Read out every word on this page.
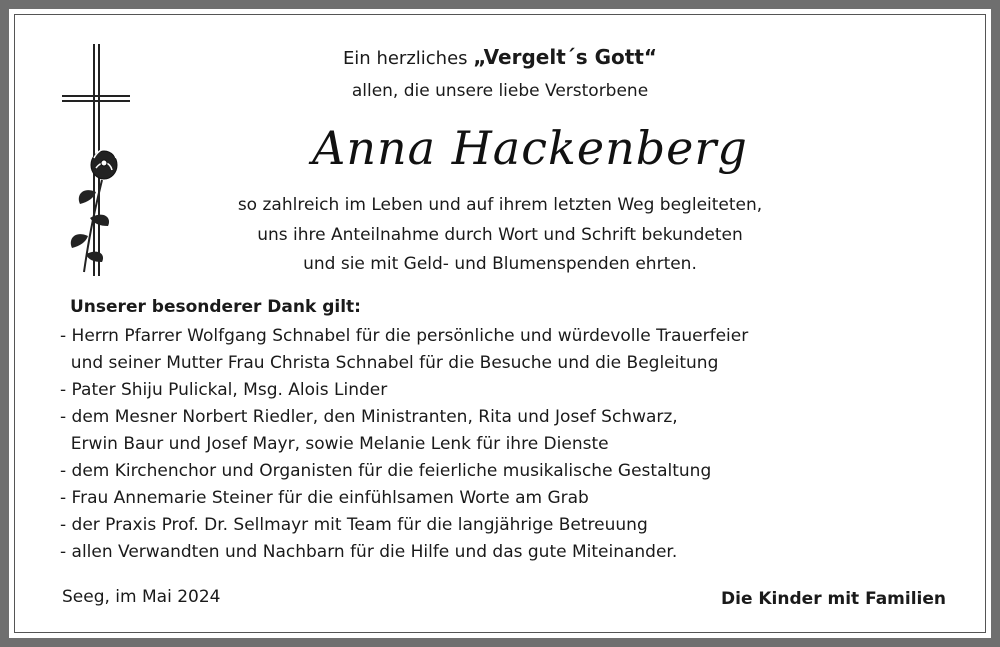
Ein herzliches „Vergelt´s Gott“
allen, die unsere liebe Verstorbene
Anna Hackenberg
so zahlreich im Leben und auf ihrem letzten Weg begleiteten,
uns ihre Anteilnahme durch Wort und Schrift bekundeten
und sie mit Geld- und Blumenspenden ehrten.
Unserer besonderer Dank gilt:
- Herrn Pfarrer Wolfgang Schnabel für die persönliche und würdevolle Trauerfeier
und seiner Mutter Frau Christa Schnabel für die Besuche und die Begleitung
- Pater Shiju Pulickal, Msg. Alois Linder
- dem Mesner Norbert Riedler, den Ministranten, Rita und Josef Schwarz,
Erwin Baur und Josef Mayr, sowie Melanie Lenk für ihre Dienste
- dem Kirchenchor und Organisten für die feierliche musikalische Gestaltung
- Frau Annemarie Steiner für die einfühlsamen Worte am Grab
- der Praxis Prof. Dr. Sellmayr mit Team für die langjährige Betreuung
- allen Verwandten und Nachbarn für die Hilfe und das gute Miteinander.
Seeg, im Mai 2024	Die Kinder mit Familien
